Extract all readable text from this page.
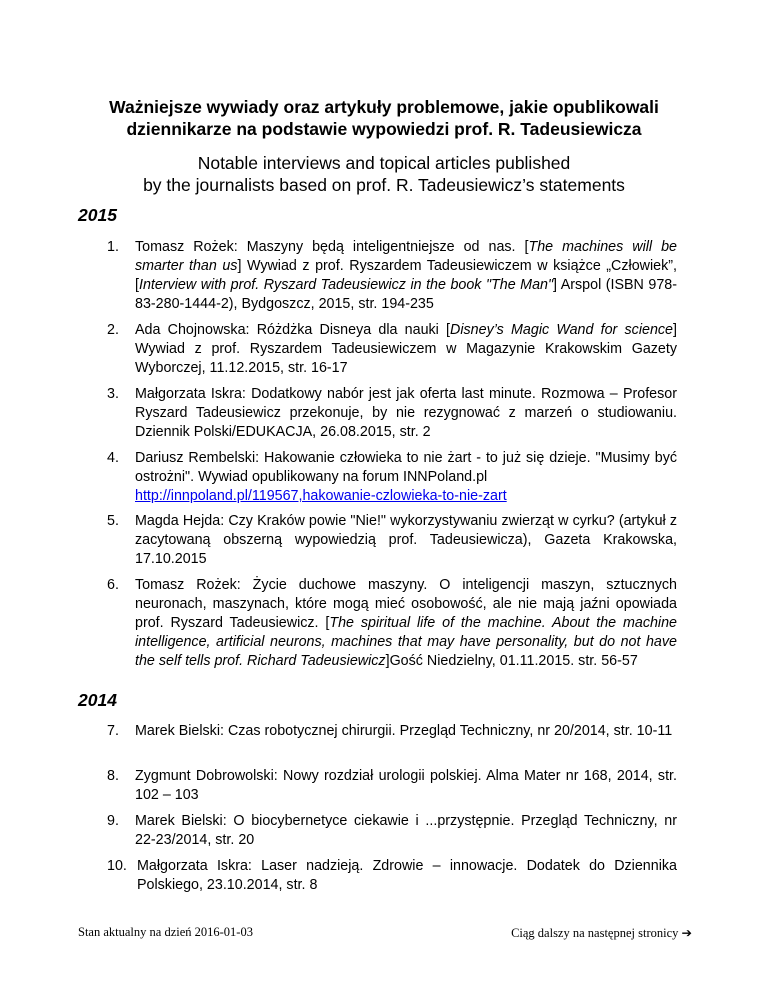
Ważniejsze wywiady oraz artykuły problemowe, jakie opublikowali
dziennikarze na podstawie wypowiedzi prof. R. Tadeusiewicza
Notable interviews and topical articles published
by the journalists based on prof. R. Tadeusiewicz’s statements
2015
1. Tomasz Rożek: Maszyny będą inteligentniejsze od nas. [The machines will be smarter than us] Wywiad z prof. Ryszardem Tadeusiewiczem w książce „Człowiek”, [Interview with prof. Ryszard Tadeusiewicz in the book "The Man"] Arspol (ISBN 978-83-280-1444-2), Bydgoszcz, 2015, str. 194-235
2. Ada Chojnowska: Różdżka Disneya dla nauki [Disney’s Magic Wand for science] Wywiad z prof. Ryszardem Tadeusiewiczem w Magazynie Krakowskim Gazety Wyborczej, 11.12.2015, str. 16-17
3. Małgorzata Iskra: Dodatkowy nabór jest jak oferta last minute. Rozmowa – Profesor Ryszard Tadeusiewicz przekonuje, by nie rezygnować z marzeń o studiowaniu. Dziennik Polski/EDUKACJA, 26.08.2015, str. 2
4. Dariusz Rembelski: Hakowanie człowieka to nie żart - to już się dzieje. "Musimy być ostrożni". Wywiad opublikowany na forum INNPoland.pl
http://innpoland.pl/119567,hakowanie-czlowieka-to-nie-zart
5. Magda Hejda: Czy Kraków powie "Nie!" wykorzystywaniu zwierząt w cyrku? (artykuł z zacytowaną obszerną wypowiedzią prof. Tadeusiewicza), Gazeta Krakowska, 17.10.2015
6. Tomasz Rożek: Życie duchowe maszyny. O inteligencji maszyn, sztucznych neuronach, maszynach, które mogą mieć osobowość, ale nie mają jaźni opowiada prof. Ryszard Tadeusiewicz. [The spiritual life of the machine. About the machine intelligence, artificial neurons, machines that may have personality, but do not have the self tells prof. Richard Tadeusiewicz]Gość Niedzielny, 01.11.2015. str. 56-57
2014
7. Marek Bielski: Czas robotycznej chirurgii. Przegląd Techniczny, nr 20/2014, str. 10-11
8. Zygmunt Dobrowolski: Nowy rozdział urologii polskiej. Alma Mater nr 168, 2014, str. 102 – 103
9. Marek Bielski: O biocybernetyce ciekawie i ...przystępnie. Przegląd Techniczny, nr 22-23/2014, str. 20
10. Małgorzata Iskra: Laser nadzieją. Zdrowie – innowacje. Dodatek do Dziennika Polskiego, 23.10.2014, str. 8
Stan aktualny na dzień 2016-01-03	Ciąg dalszy na następnej stronicy ➔
